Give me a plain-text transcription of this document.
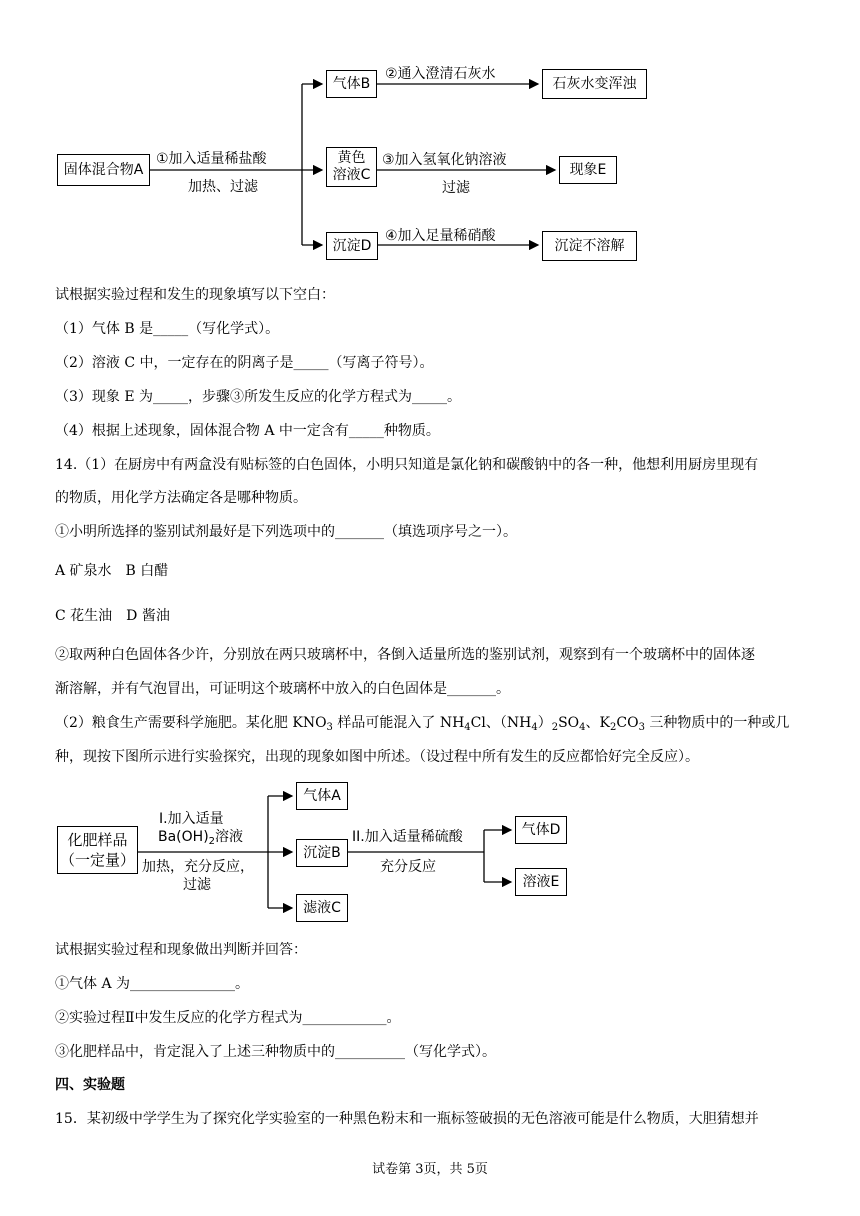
固体混合物A
气体B	石灰水变浑浊
黄色
溶液C	现象E
沉淀D	沉淀不溶解
①加入适量稀盐酸
加热、过滤
②通入澄清石灰水
③加入氢氧化钠溶液
过滤
④加入足量稀硝酸
试根据实验过程和发生的现象填写以下空白：
（1）气体 B 是_____（写化学式）。
（2）溶液 C 中，一定存在的阴离子是_____（写离子符号）。
（3）现象 E 为_____，步骤③所发生反应的化学方程式为_____。
（4）根据上述现象，固体混合物 A 中一定含有_____种物质。
14.（1）在厨房中有两盒没有贴标签的白色固体，小明只知道是氯化钠和碳酸钠中的各一种，他想利用厨房里现有
的物质，用化学方法确定各是哪种物质。
①小明所选择的鉴别试剂最好是下列选项中的_______（填选项序号之一）。
A 矿泉水　B 白醋
C 花生油　D 酱油
②取两种白色固体各少许，分别放在两只玻璃杯中，各倒入适量所选的鉴别试剂，观察到有一个玻璃杯中的固体逐
渐溶解，并有气泡冒出，可证明这个玻璃杯中放入的白色固体是_______。
（2）粮食生产需要科学施肥。某化肥 $KNO_3$ 样品可能混入了 $NH_4Cl$、$(NH_4)_2SO_4$、$K_2CO_3$ 三种物质中的一种或几
种，现按下图所示进行实验探究，出现的现象如图中所述。（设过程中所有发生的反应都恰好完全反应）。
化肥样品
（一定量）
气体A
沉淀B
滤液C
气体D
溶液E
I.加入适量
$Ba(OH)_2$溶液
加热，充分反应，
过滤
II.加入适量稀硫酸
充分反应
试根据实验过程和现象做出判断并回答：
①气体 A 为_______________。
②实验过程Ⅱ中发生反应的化学方程式为____________。
③化肥样品中，肯定混入了上述三种物质中的__________（写化学式）。
四、实验题
15．某初级中学学生为了探究化学实验室的一种黑色粉末和一瓶标签破损的无色溶液可能是什么物质，大胆猜想并
试卷第 3页，共 5页
